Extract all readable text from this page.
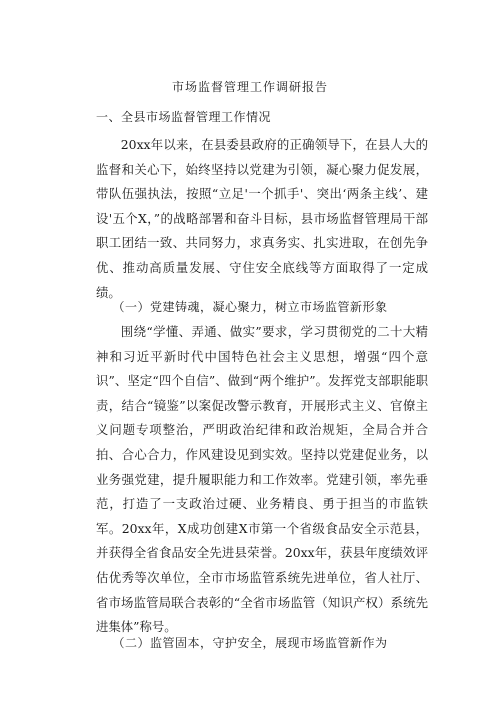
市场监督管理工作调研报告
一、全县市场监督管理工作情况

20xx年以来，在县委县政府的正确领导下，在县人大的监督和关心下，始终坚持以党建为引领，凝心聚力促发展，带队伍强执法，按照“立足'一个抓手'、突出‘两条主线’、建设'五个X，”的战略部署和奋斗目标，县市场监督管理局干部职工团结一致、共同努力，求真务实、扎实进取，在创先争优、推动高质量发展、守住安全底线等方面取得了一定成绩。

（一）党建铸魂，凝心聚力，树立市场监管新形象

围绕“学懂、弄通、做实”要求，学习贯彻党的二十大精神和习近平新时代中国特色社会主义思想，增强“四个意识”、坚定“四个自信”、做到“两个维护”。发挥党支部职能职责，结合“镜鉴”以案促改警示教育，开展形式主义、官僚主义问题专项整治，严明政治纪律和政治规矩，全局合并合拍、合心合力，作风建设见到实效。坚持以党建促业务，以业务强党建，提升履职能力和工作效率。党建引领，率先垂范，打造了一支政治过硬、业务精良、勇于担当的市监铁军。20xx年，X成功创建X市第一个省级食品安全示范县，并获得全省食品安全先进县荣誉。20xx年，获县年度绩效评估优秀等次单位，全市市场监管系统先进单位，省人社厅、省市场监管局联合表彰的“全省市场监管（知识产权）系统先进集体”称号。

（二）监管固本，守护安全，展现市场监管新作为
